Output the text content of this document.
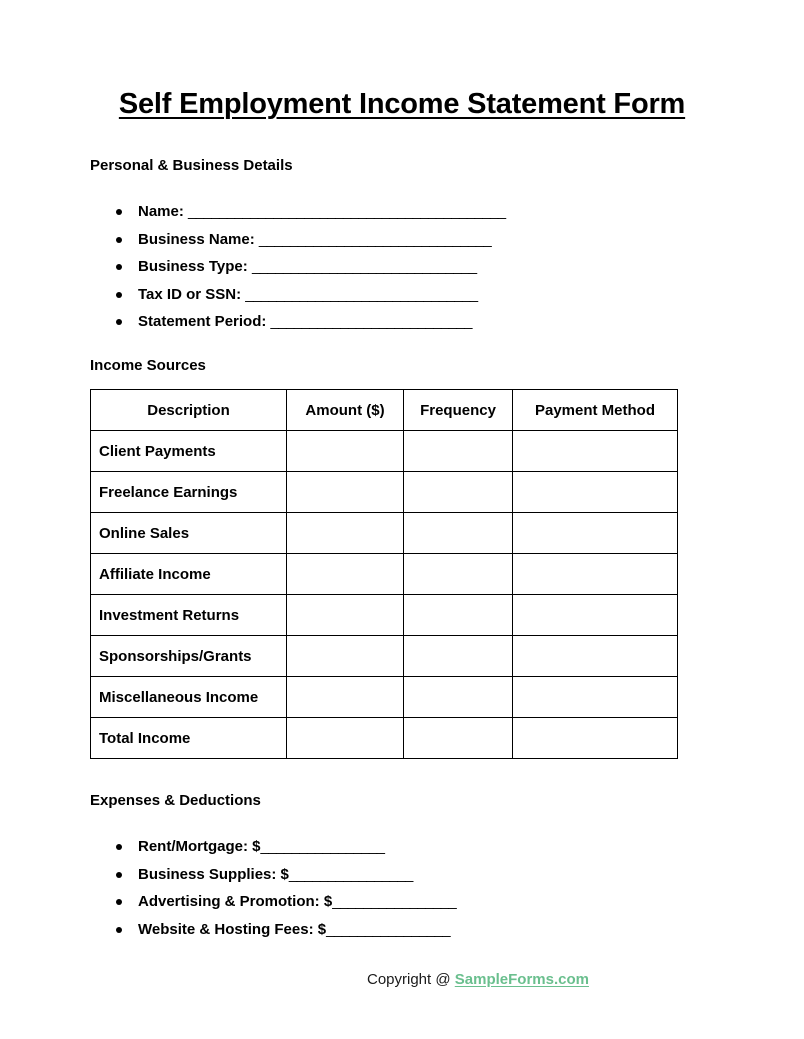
Self Employment Income Statement Form
Personal & Business Details
Name: _________________________________________
Business Name: ______________________________
Business Type: _____________________________
Tax ID or SSN: ______________________________
Statement Period: __________________________
Income Sources
Description	Amount ($)	Frequency	Payment Method
Client Payments			
Freelance Earnings			
Online Sales			
Affiliate Income			
Investment Returns			
Sponsorships/Grants			
Miscellaneous Income			
Total Income			
Expenses & Deductions
Rent/Mortgage: $________________
Business Supplies: $________________
Advertising & Promotion: $________________
Website & Hosting Fees: $________________
Copyright @ SampleForms.com
